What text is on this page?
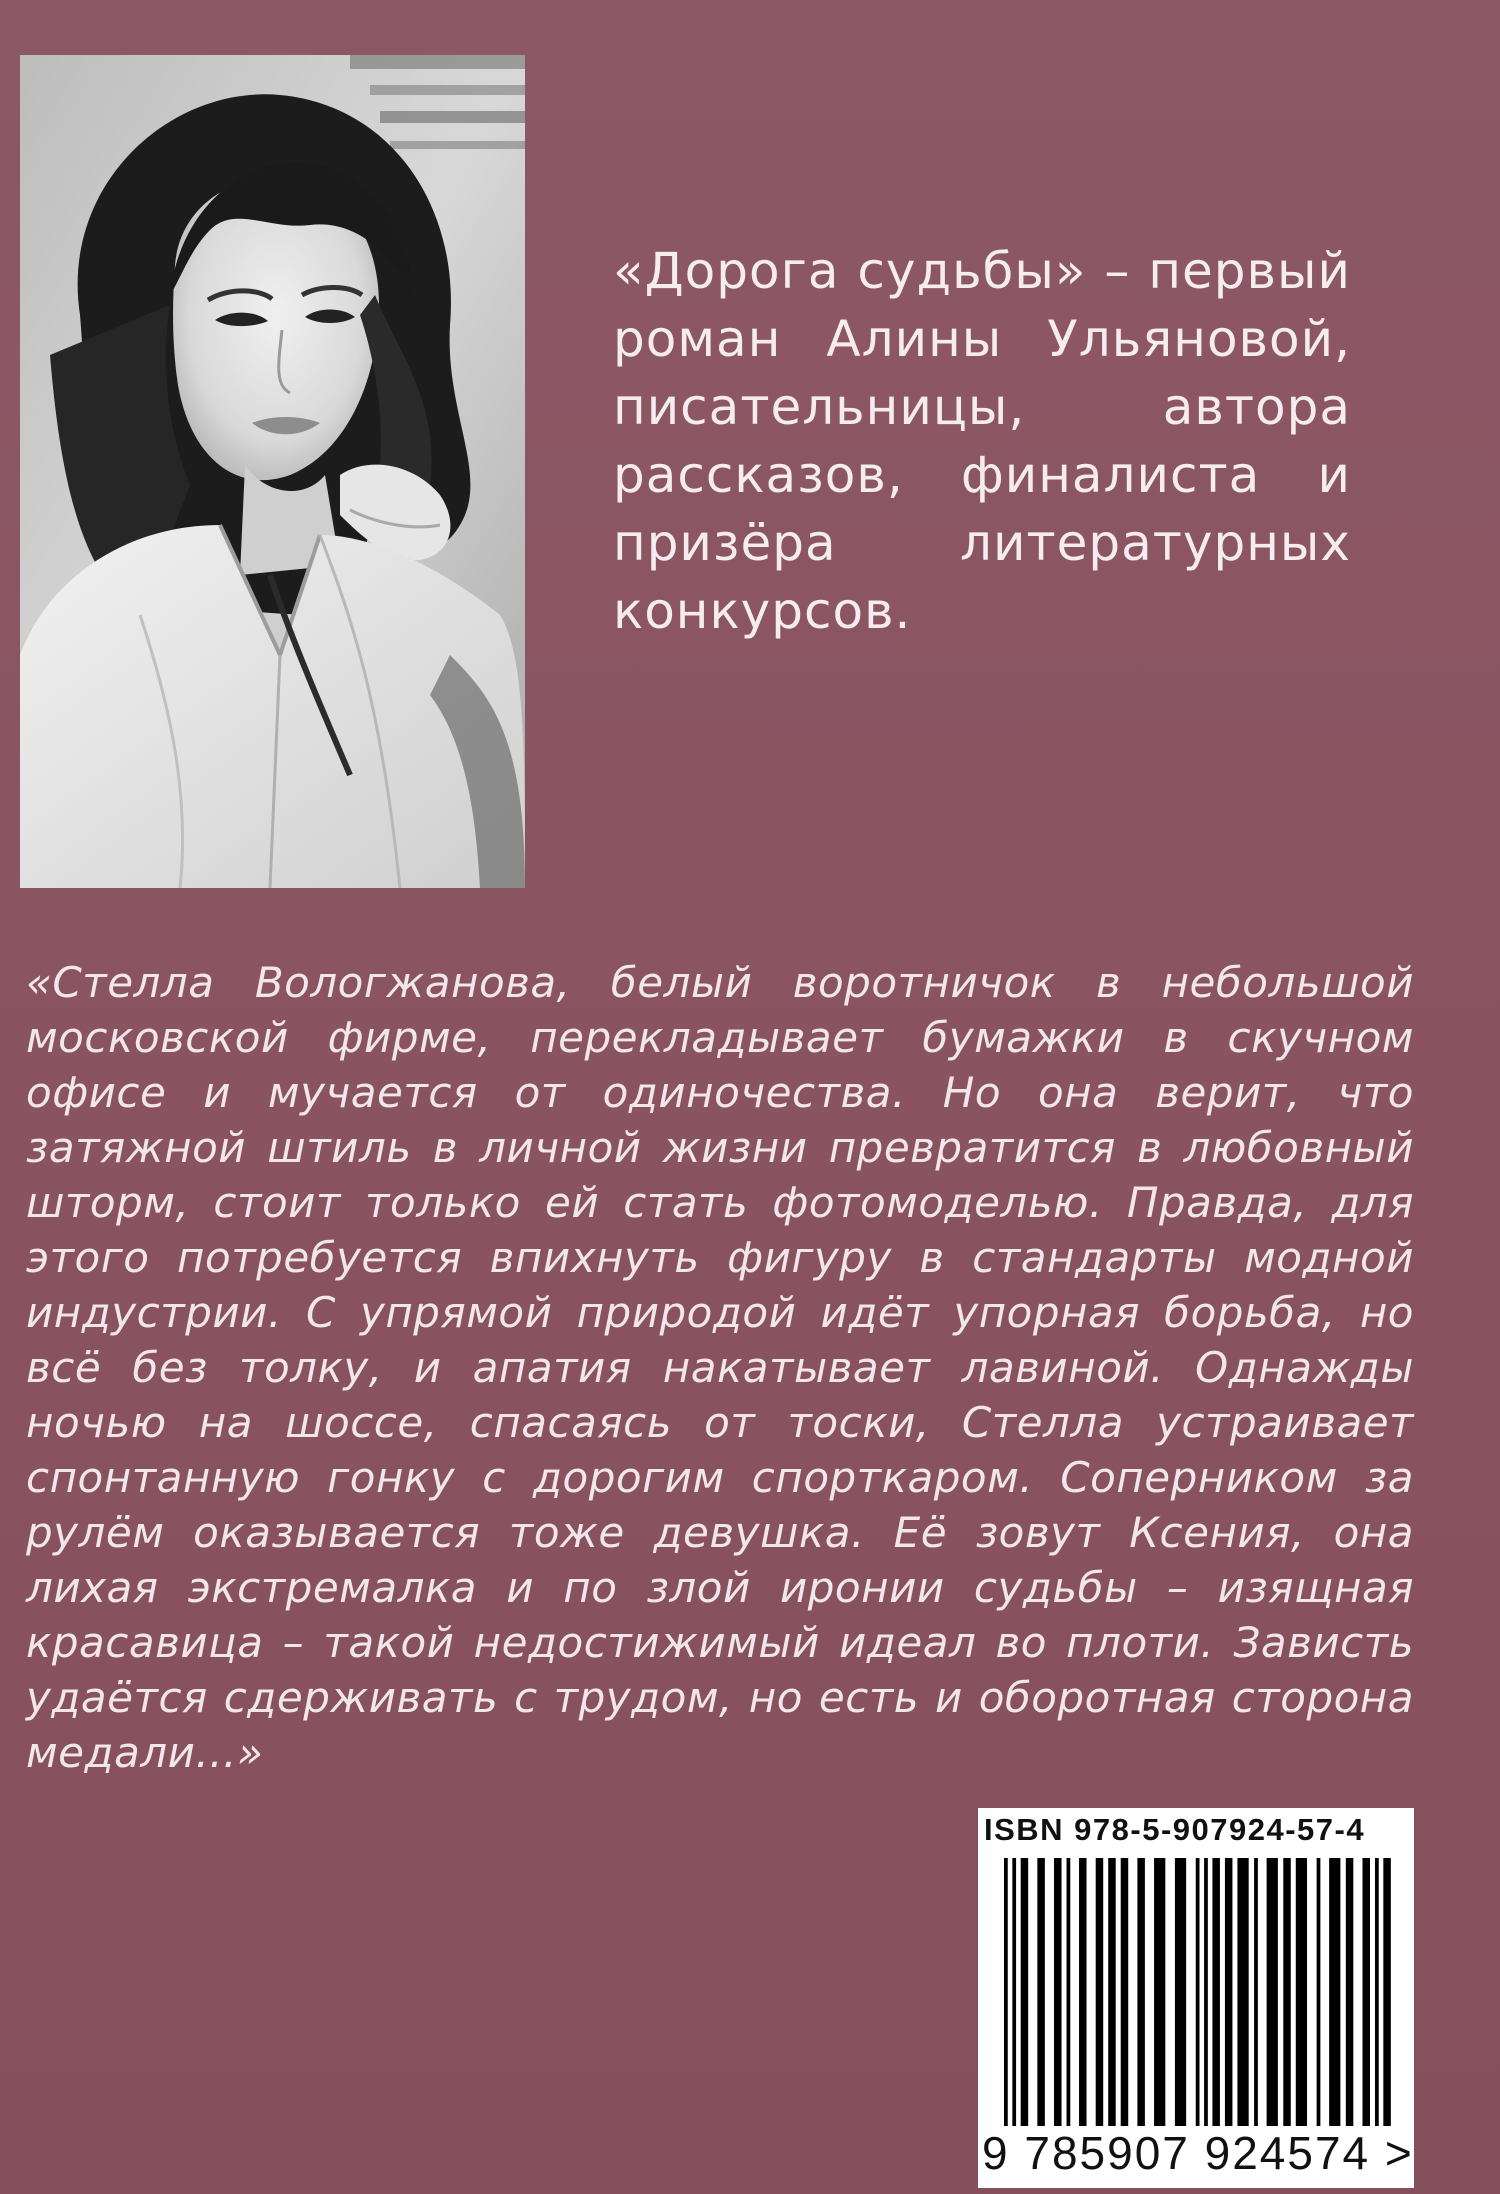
«Дорога судьбы» – первый роман Алины Ульяновой, писательницы, автора рассказов, финалиста и призёра литературных конкурсов.
«Стелла Вологжанова, белый воротничок в небольшой московской фирме, перекладывает бумажки в скучном офисе и мучается от одиночества. Но она верит, что затяжной штиль в личной жизни превратится в любовный шторм, стоит только ей стать фотомоделью. Правда, для этого потребуется впихнуть фигуру в стандарты модной индустрии. С упрямой природой идёт упорная борьба, но всё без толку, и апатия накатывает лавиной. Однажды ночью на шоссе, спасаясь от тоски, Стелла устраивает спонтанную гонку с дорогим спорткаром. Соперником за рулём оказывается тоже девушка. Её зовут Ксения, она лихая экстремалка и по злой иронии судьбы – изящная красавица – такой недостижимый идеал во плоти. Зависть удаётся сдерживать с трудом, но есть и оборотная сторона медали...»
ISBN 978-5-907924-57-4
9 785907 924574 >
